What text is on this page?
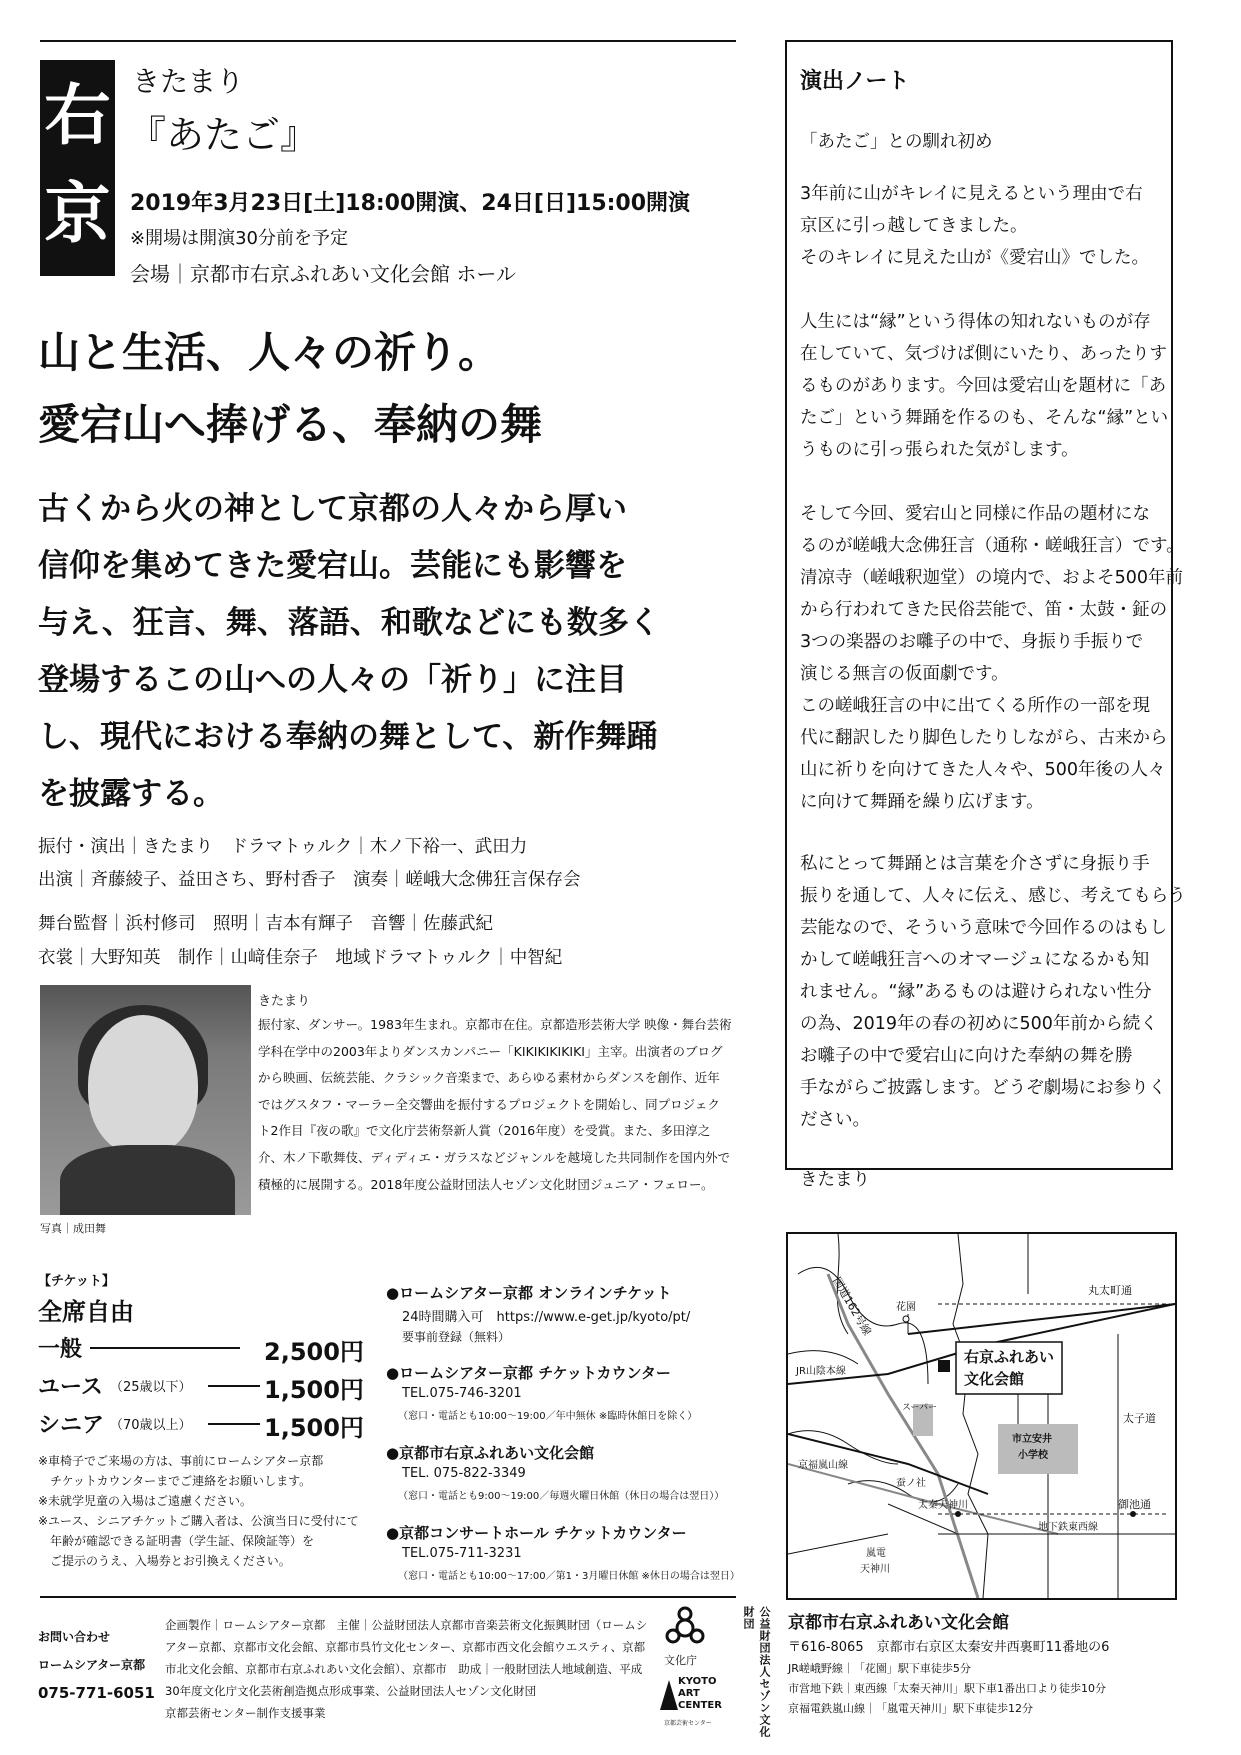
右
京
きたまり
『あたご』
2019年3月23日[土]18:00開演、24日[日]15:00開演
※開場は開演30分前を予定
会場｜京都市右京ふれあい文化会館 ホール
山と生活、人々の祈り。
愛宕山へ捧げる、奉納の舞
古くから火の神として京都の人々から厚い
信仰を集めてきた愛宕山。芸能にも影響を
与え、狂言、舞、落語、和歌などにも数多く
登場するこの山への人々の「祈り」に注目
し、現代における奉納の舞として、新作舞踊
を披露する。
振付・演出｜きたまり　ドラマトゥルク｜木ノ下裕一、武田力
出演｜斉藤綾子、益田さち、野村香子　演奏｜嵯峨大念佛狂言保存会
舞台監督｜浜村修司　照明｜吉本有輝子　音響｜佐藤武紀
衣裳｜大野知英　制作｜山﨑佳奈子　地域ドラマトゥルク｜中智紀
写真｜成田舞
きたまり
振付家、ダンサー。1983年生まれ。京都市在住。京都造形芸術大学 映像・舞台芸術学科在学中の2003年よりダンスカンパニー「KIKIKIKIKIKI」主宰。出演者のブログから映画、伝統芸能、クラシック音楽まで、あらゆる素材からダンスを創作、近年ではグスタフ・マーラー全交響曲を振付するプロジェクトを開始し、同プロジェクト2作目『夜の歌』で文化庁芸術祭新人賞（2016年度）を受賞。また、多田淳之介、木ノ下歌舞伎、ディディエ・ガラスなどジャンルを越境した共同制作を国内外で積極的に展開する。2018年度公益財団法人セゾン文化財団ジュニア・フェロー。
【チケット】
全席自由
一般	2,500円
ユース （25歳以下）	1,500円
シニア （70歳以上）	1,500円
※車椅子でご来場の方は、事前にロームシアター京都
　チケットカウンターまでご連絡をお願いします。
※未就学児童の入場はご遠慮ください。
※ユース、シニアチケットご購入者は、公演当日に受付にて
　年齢が確認できる証明書（学生証、保険証等）を
　ご提示のうえ、入場券とお引換えください。
●ロームシアター京都 オンラインチケット
24時間購入可　https://www.e-get.jp/kyoto/pt/
要事前登録（無料）
●ロームシアター京都 チケットカウンター
TEL.075-746-3201
（窓口・電話とも10:00～19:00／年中無休 ※臨時休館日を除く）
●京都市右京ふれあい文化会館
TEL. 075-822-3349
（窓口・電話とも9:00～19:00／毎週火曜日休館（休日の場合は翌日））
●京都コンサートホール チケットカウンター
TEL.075-711-3231
（窓口・電話とも10:00～17:00／第1・3月曜日休館 ※休日の場合は翌日）
演出ノート
「あたご」との馴れ初め
3年前に山がキレイに見えるという理由で右
京区に引っ越してきました。
そのキレイに見えた山が《愛宕山》でした。
人生には“縁”という得体の知れないものが存
在していて、気づけば側にいたり、あったりす
るものがあります。今回は愛宕山を題材に「あ
たご」という舞踊を作るのも、そんな“縁”とい
うものに引っ張られた気がします。
そして今回、愛宕山と同様に作品の題材にな
るのが嵯峨大念佛狂言（通称・嵯峨狂言）です。
清凉寺（嵯峨釈迦堂）の境内で、およそ500年前
から行われてきた民俗芸能で、笛・太鼓・鉦の
3つの楽器のお囃子の中で、身振り手振りで
演じる無言の仮面劇です。
この嵯峨狂言の中に出てくる所作の一部を現
代に翻訳したり脚色したりしながら、古来から
山に祈りを向けてきた人々や、500年後の人々
に向けて舞踊を繰り広げます。
私にとって舞踊とは言葉を介さずに身振り手
振りを通して、人々に伝え、感じ、考えてもらう
芸能なので、そういう意味で今回作るのはもし
かして嵯峨狂言へのオマージュになるかも知
れません。“縁”あるものは避けられない性分
の為、2019年の春の初めに500年前から続く
お囃子の中で愛宕山に向けた奉納の舞を勝
手ながらご披露します。どうぞ劇場にお参りく
ださい。
きたまり
国道162号線	丸太町通
花園
JR山陰本線
右京ふれあい
文化会館
太子道
スーパー
市立安井
小学校
京福嵐山線
蚕ノ社
太秦天神川	御池通
地下鉄東西線
嵐電
天神川
京都市右京ふれあい文化会館
〒616-8065　京都市右京区太秦安井西裏町11番地の6
JR嵯峨野線｜「花園」駅下車徒歩5分
市営地下鉄｜東西線「太秦天神川」駅下車1番出口より徒歩10分
京福電鉄嵐山線｜「嵐電天神川」駅下車徒歩12分
お問い合わせ
ロームシアター京都
075-771-6051
企画製作｜ロームシアター京都　主催｜公益財団法人京都市音楽芸術文化振興財団（ロームシ
アター京都、京都市文化会館、京都市呉竹文化センター、京都市西文化会館ウエスティ、京都
市北文化会館、京都市右京ふれあい文化会館）、京都市　助成｜一般財団法人地域創造、平成
30年度文化庁文化芸術創造拠点形成事業、公益財団法人セゾン文化財団
京都芸術センター制作支援事業
文化庁
KYOTO
ART
CENTER
京都芸術センター	公益財団法人セゾン文化財団
